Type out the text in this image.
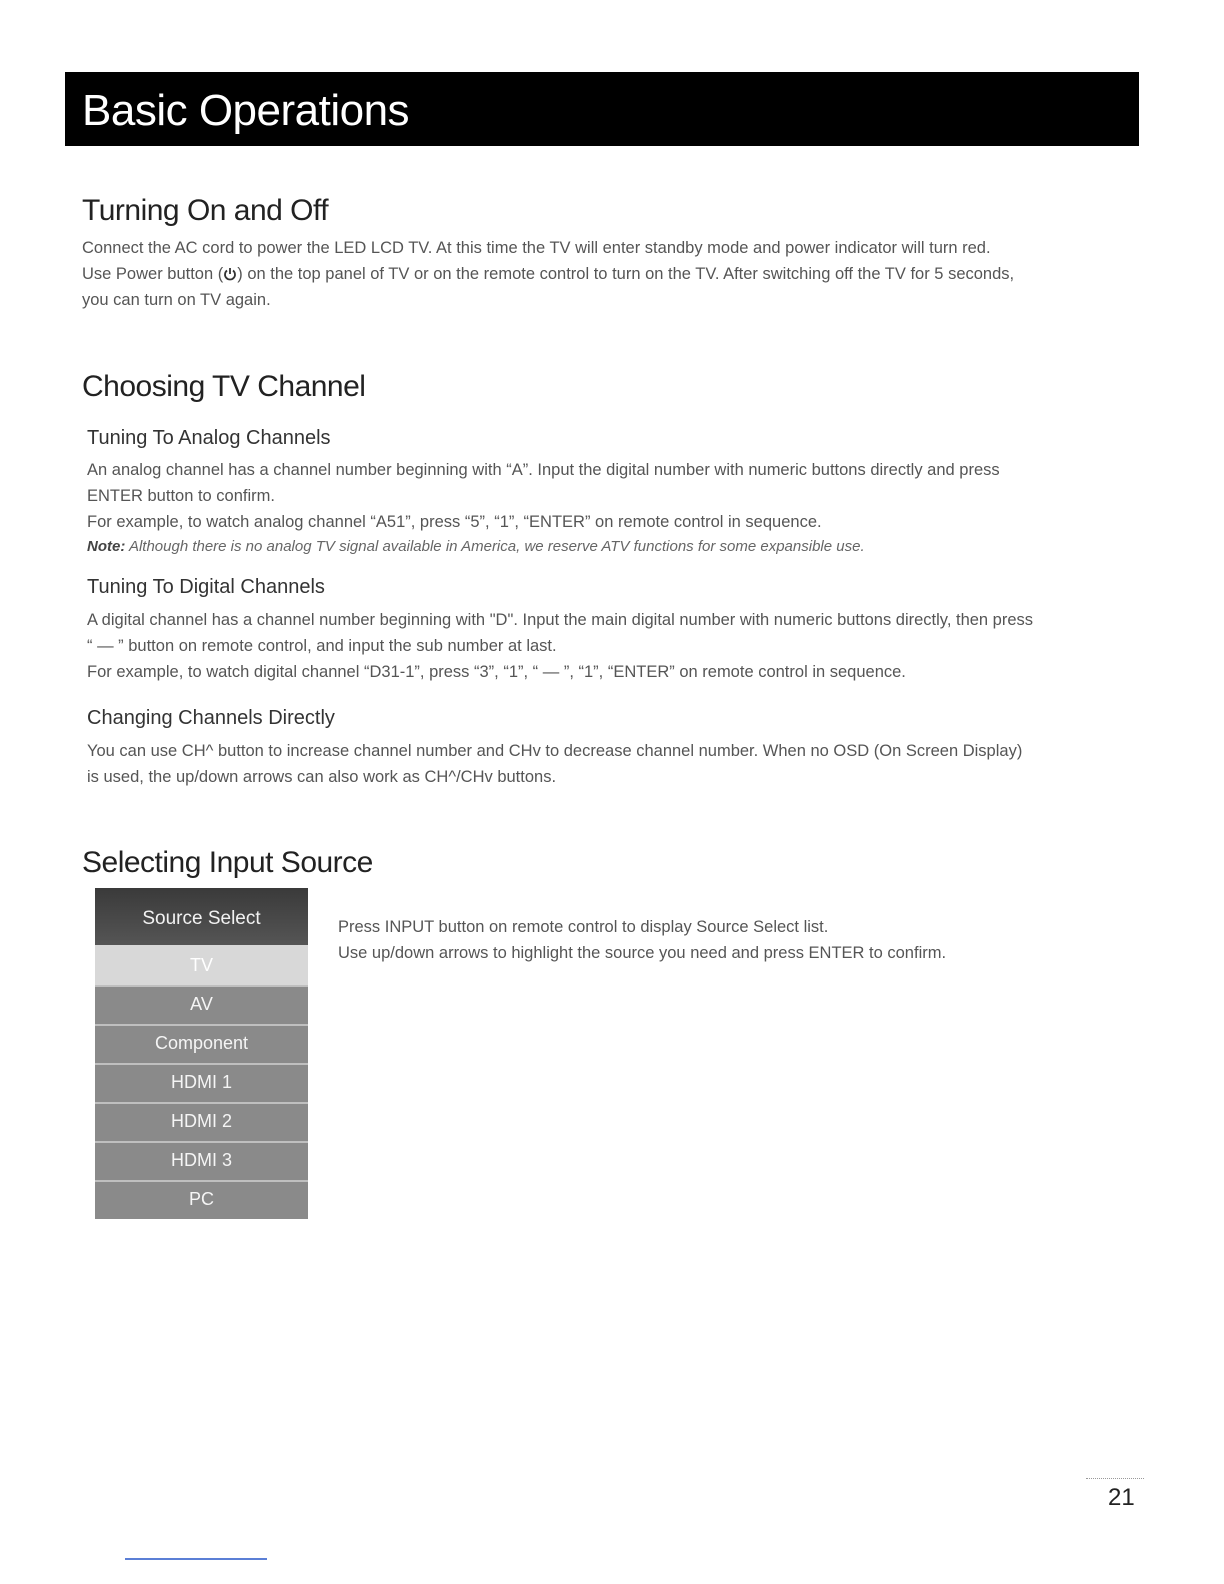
Basic Operations
Turning On and Off

Connect the AC cord to power the LED LCD TV. At this time the TV will enter standby mode and power indicator will turn red.

Use Power button ( ) on the top panel of TV or on the remote control to turn on the TV. After switching off the TV for 5 seconds,

you can turn on TV again.

Choosing TV Channel
Tuning To Analog Channels

An analog channel has a channel number beginning with “A”. Input the digital number with numeric buttons directly and press

ENTER button to confirm.

For example, to watch analog channel “A51”, press “5”, “1”, “ENTER” on remote control in sequence.

Note: Although there is no analog TV signal available in America, we reserve ATV functions for some expansible use.
Tuning To Digital Channels

A digital channel has a channel number beginning with "D". Input the main digital number with numeric buttons directly, then press

“ — ” button on remote control, and input the sub number at last.

For example, to watch digital channel “D31-1”, press “3”, “1”, “ — ”, “1”, “ENTER” on remote control in sequence.

Changing Channels Directly

You can use CH^ button to increase channel number and CHv to decrease channel number. When no OSD (On Screen Display)

is used, the up/down arrows can also work as CH^/CHv buttons.

Selecting Input Source
Source Select
TV
AV
Component
HDMI 1
HDMI 2
HDMI 3
PC

Press INPUT button on remote control to display Source Select list.

Use up/down arrows to highlight the source you need and press ENTER to confirm.

21
